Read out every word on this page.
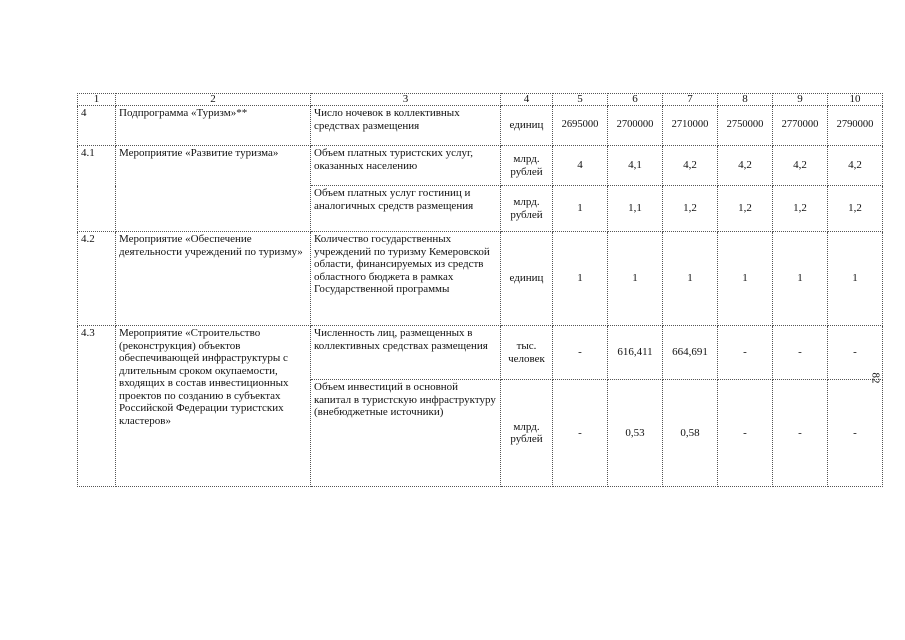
1	2	3	4	5	6	7	8	9	10
4	Подпрограмма «Туризм»**	Число ночевок в коллективных средствах размещения	единиц	2695000	2700000	2710000	2750000	2770000	2790000
4.1	Мероприятие «Развитие туризма»	Объем платных туристских услуг, оказанных населению	млрд. рублей	4	4,1	4,2	4,2	4,2	4,2
		Объем платных услуг гостиниц и аналогичных средств размещения	млрд. рублей	1	1,1	1,2	1,2	1,2	1,2
4.2	Мероприятие «Обеспечение деятельности учреждений по туризму»	Количество государственных учреждений по туризму Кемеровской области, финансируемых из средств областного бюджета в рамках Государственной программы	единиц	1	1	1	1	1	1
4.3	Мероприятие «Строительство (реконструкция) объектов обеспечивающей инфраструктуры с длительным сроком окупаемости, входящих в состав инвестиционных проектов по созданию в субъектах Российской Федерации туристских кластеров»	Численность лиц, размещенных в коллективных средствах размещения	тыс. человек	-	616,411	664,691	-	-	-
		Объем инвестиций в основной капитал в туристскую инфраструктуру (внебюджетные источники)	млрд. рублей	-	0,53	0,58	-	-	-
82
